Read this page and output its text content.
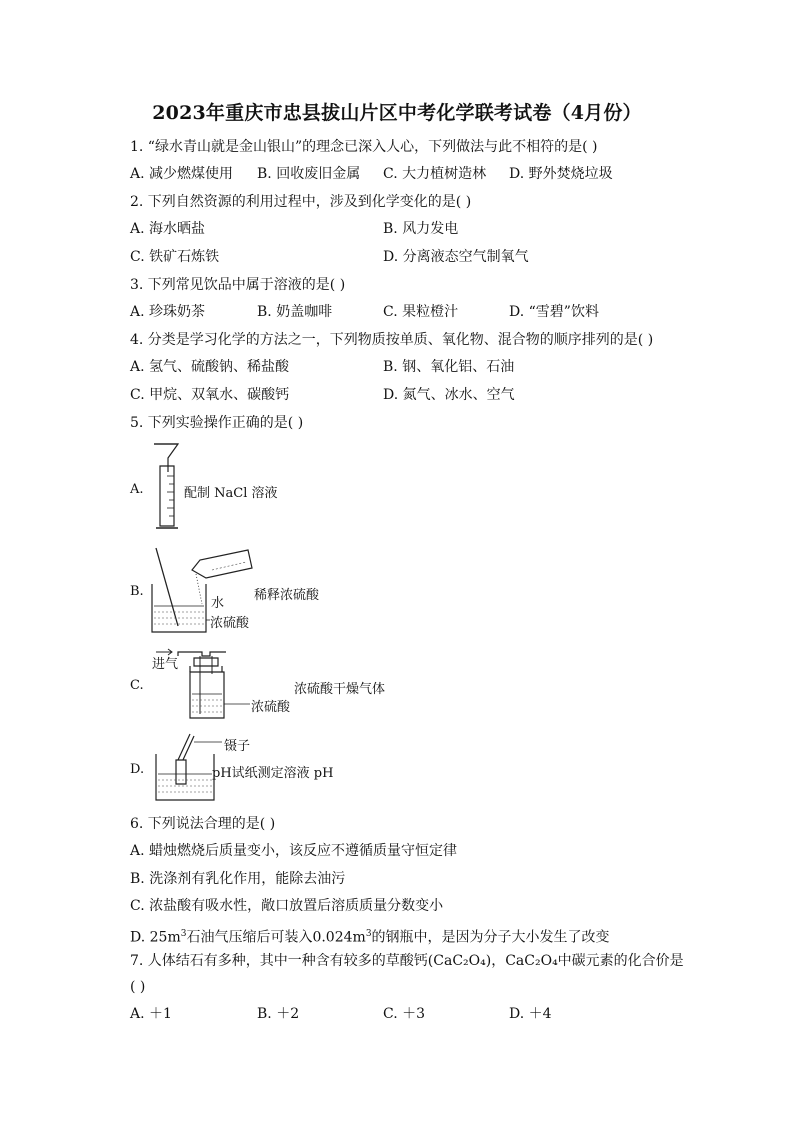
2023年重庆市忠县拔山片区中考化学联考试卷（4月份）
1. “绿水青山就是金山银山”的理念已深入人心，下列做法与此不相符的是( )
A. 减少燃煤使用 B. 回收废旧金属 C. 大力植树造林 D. 野外焚烧垃圾
2. 下列自然资源的利用过程中，涉及到化学变化的是( )
A. 海水晒盐	B. 风力发电
C. 铁矿石炼铁	D. 分离液态空气制氧气
3. 下列常见饮品中属于溶液的是( )
A. 珍珠奶茶	B. 奶盖咖啡	C. 果粒橙汁	D. “雪碧”饮料
4. 分类是学习化学的方法之一，下列物质按单质、氧化物、混合物的顺序排列的是( )
A. 氢气、硫酸钠、稀盐酸	B. 钢、氧化铝、石油
C. 甲烷、双氧水、碳酸钙	D. 氮气、冰水、空气
5. 下列实验操作正确的是( )
A.	配制 NaCl 溶液
B.
水
稀释浓硫酸
浓硫酸
C.
进气
浓硫酸干燥气体
浓硫酸
D.
镊子
pH试纸测定溶液 pH
6. 下列说法合理的是( )
A. 蜡烛燃烧后质量变小，该反应不遵循质量守恒定律
B. 洗涤剂有乳化作用，能除去油污
C. 浓盐酸有吸水性，敞口放置后溶质质量分数变小
D. $25m^3$石油气压缩后可装入$0.024m^3$的钢瓶中，是因为分子大小发生了改变
7. 人体结石有多种，其中一种含有较多的草酸钙(CaC₂O₄)，CaC₂O₄中碳元素的化合价是
( )
A. ＋1	B. ＋2	C. ＋3	D. ＋4
